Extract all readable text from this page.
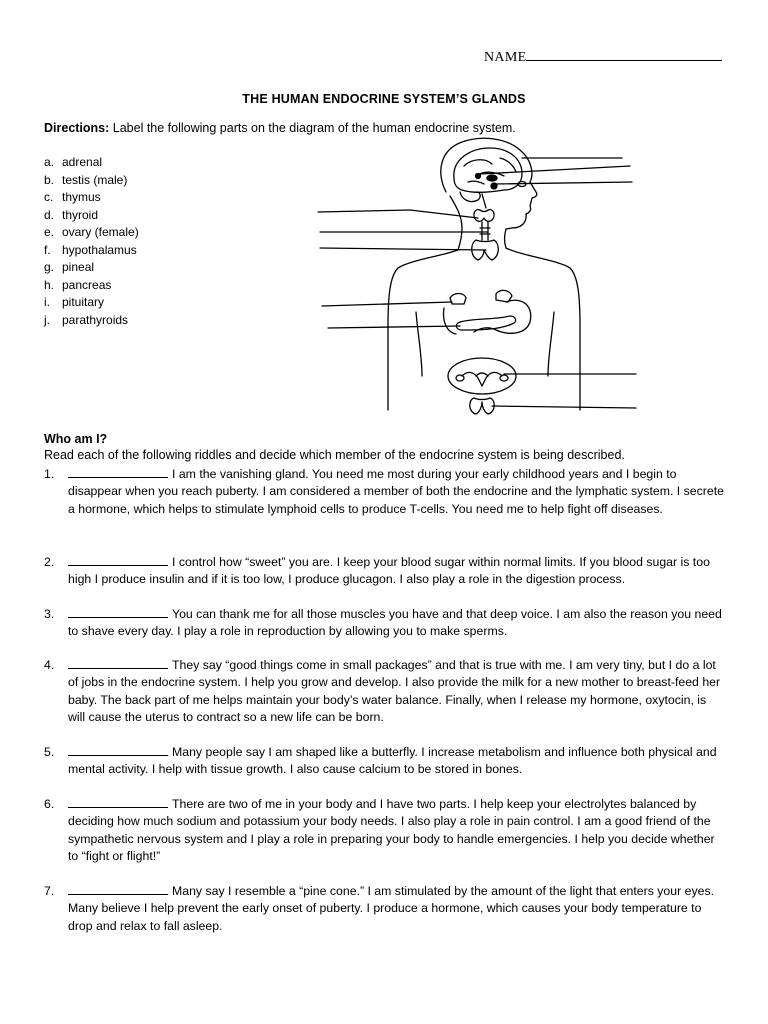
NAME
THE HUMAN ENDOCRINE SYSTEM’S GLANDS
Directions: Label the following parts on the diagram of the human endocrine system.
a. adrenal
b. testis (male)
c. thymus
d. thyroid
e. ovary (female)
f. hypothalamus
g. pineal
h. pancreas
i. pituitary
j. parathyroids
Who am I?
Read each of the following riddles and decide which member of the endocrine system is being described.
1.	I am the vanishing gland. You need me most during your early childhood years and I begin to disappear when you reach puberty. I am considered a member of both the endocrine and the lymphatic system. I secrete a hormone, which helps to stimulate lymphoid cells to produce T-cells. You need me to help fight off diseases.
2.	I control how “sweet” you are. I keep your blood sugar within normal limits. If you blood sugar is too high I produce insulin and if it is too low, I produce glucagon. I also play a role in the digestion process.
3.	You can thank me for all those muscles you have and that deep voice. I am also the reason you need to shave every day. I play a role in reproduction by allowing you to make sperms.
4.	They say “good things come in small packages” and that is true with me. I am very tiny, but I do a lot of jobs in the endocrine system. I help you grow and develop. I also provide the milk for a new mother to breast-feed her baby. The back part of me helps maintain your body’s water balance. Finally, when I release my hormone, oxytocin, is will cause the uterus to contract so a new life can be born.
5.	Many people say I am shaped like a butterfly. I increase metabolism and influence both physical and mental activity. I help with tissue growth. I also cause calcium to be stored in bones.
6.	There are two of me in your body and I have two parts. I help keep your electrolytes balanced by deciding how much sodium and potassium your body needs. I also play a role in pain control. I am a good friend of the sympathetic nervous system and I play a role in preparing your body to handle emergencies. I help you decide whether to “fight or flight!”
7.	Many say I resemble a “pine cone.” I am stimulated by the amount of the light that enters your eyes. Many believe I help prevent the early onset of puberty. I produce a hormone, which causes your body temperature to drop and relax to fall asleep.
